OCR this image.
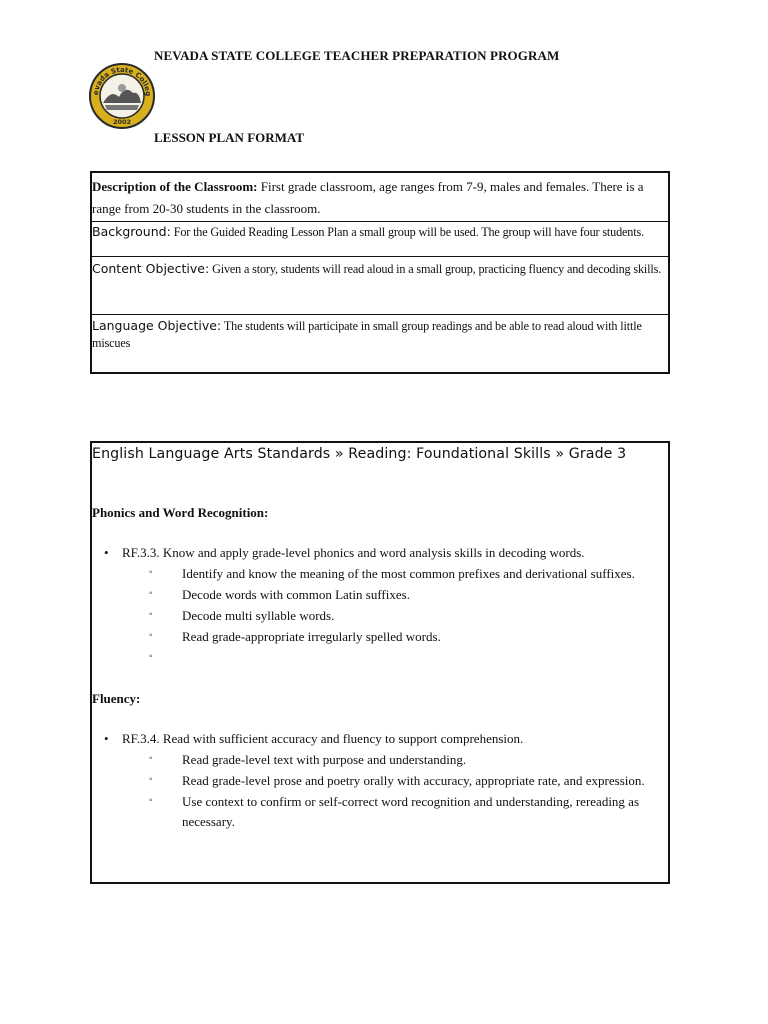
NEVADA STATE COLLEGE TEACHER PREPARATION PROGRAM
evada State Colleg
2002
LESSON PLAN FORMAT
Description of the Classroom: First grade classroom, age ranges from 7-9, males and females. There is a range from 20-30 students in the classroom.
Background: For the Guided Reading Lesson Plan a small group will be used. The group will have four students.
Content Objective: Given a story, students will read aloud in a small group, practicing fluency and decoding skills.
Language Objective: The students will participate in small group readings and be able to read aloud with little miscues
English Language Arts Standards » Reading: Foundational Skills » Grade 3
Phonics and Word Recognition:
• RF.3.3. Know and apply grade-level phonics and word analysis skills in decoding words.
◦ Identify and know the meaning of the most common prefixes and derivational suffixes.
◦ Decode words with common Latin suffixes.
◦ Decode multi syllable words.
◦ Read grade-appropriate irregularly spelled words.
◦

Fluency:
• RF.3.4. Read with sufficient accuracy and fluency to support comprehension.
◦ Read grade-level text with purpose and understanding.
◦ Read grade-level prose and poetry orally with accuracy, appropriate rate, and expression.
◦ Use context to confirm or self-correct word recognition and understanding, rereading as necessary.
